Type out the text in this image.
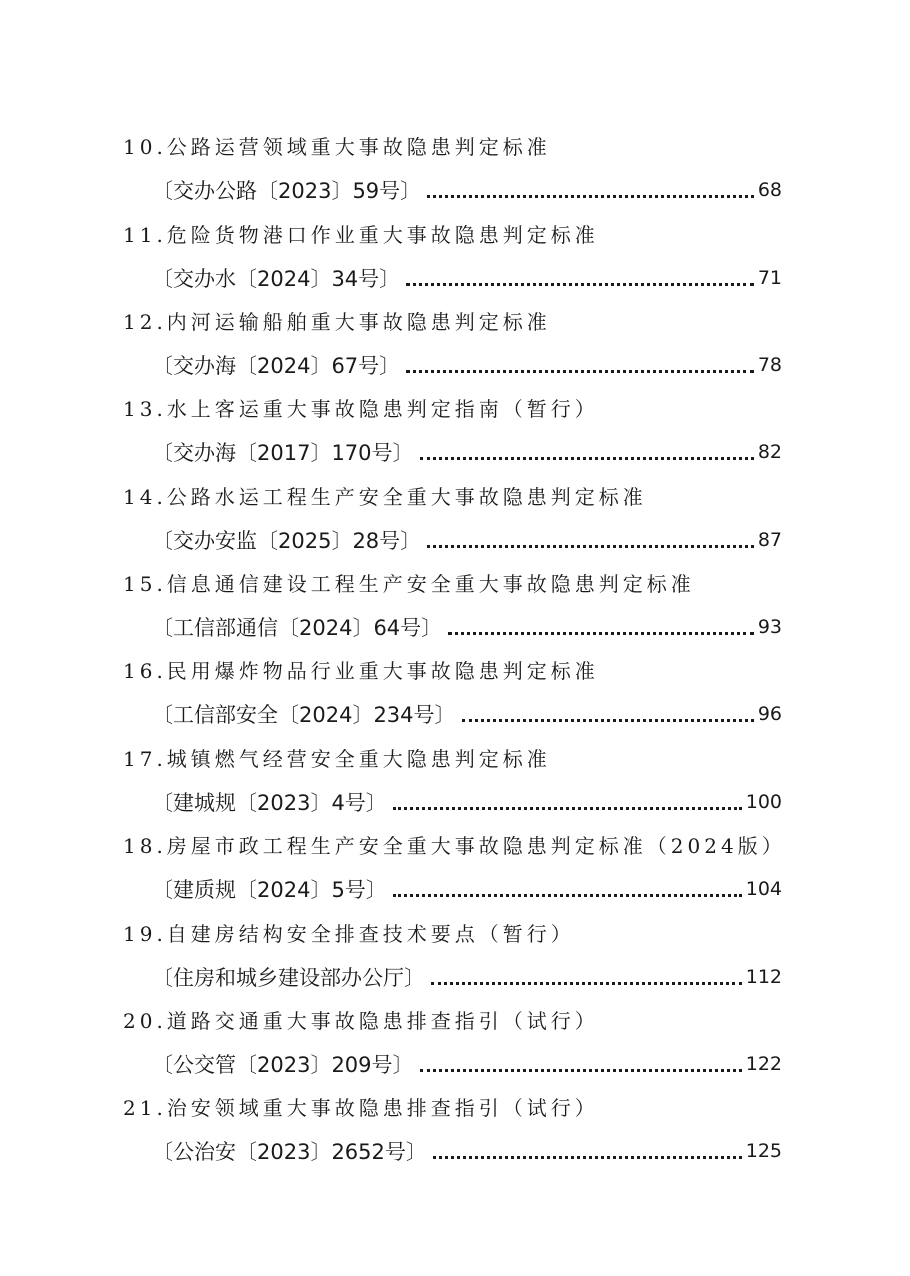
10.公路运营领域重大事故隐患判定标准
〔交办公路〔2023〕59号〕	68
11.危险货物港口作业重大事故隐患判定标准
〔交办水〔2024〕34号〕	71
12.内河运输船舶重大事故隐患判定标准
〔交办海〔2024〕67号〕	78
13.水上客运重大事故隐患判定指南（暂行）
〔交办海〔2017〕170号〕	82
14.公路水运工程生产安全重大事故隐患判定标准
〔交办安监〔2025〕28号〕	87
15.信息通信建设工程生产安全重大事故隐患判定标准
〔工信部通信〔2024〕64号〕	93
16.民用爆炸物品行业重大事故隐患判定标准
〔工信部安全〔2024〕234号〕	96
17.城镇燃气经营安全重大隐患判定标准
〔建城规〔2023〕4号〕	100
18.房屋市政工程生产安全重大事故隐患判定标准（2024版）
〔建质规〔2024〕5号〕	104
19.自建房结构安全排查技术要点（暂行）
〔住房和城乡建设部办公厅〕	112
20.道路交通重大事故隐患排查指引（试行）
〔公交管〔2023〕209号〕	122
21.治安领域重大事故隐患排查指引（试行）
〔公治安〔2023〕2652号〕	125
